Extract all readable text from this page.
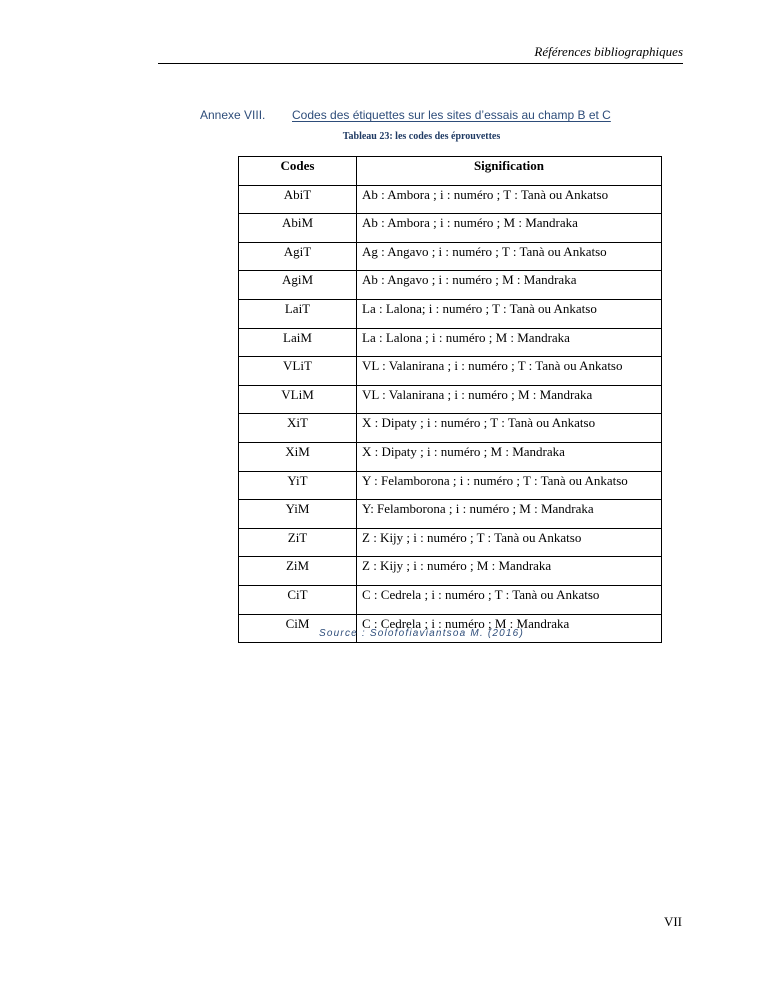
Références bibliographiques
Annexe VIII. Codes des étiquettes sur les sites d’essais au champ B et C
Tableau 23: les codes des éprouvettes
Codes	Signification
AbiT	Ab : Ambora ; i : numéro ; T : Tanà ou Ankatso
AbiM	Ab : Ambora ; i : numéro ; M : Mandraka
AgiT	Ag : Angavo ; i : numéro ; T : Tanà ou Ankatso
AgiM	Ab : Angavo ; i : numéro ; M : Mandraka
LaiT	La : Lalona; i : numéro ; T : Tanà ou Ankatso
LaiM	La : Lalona ; i : numéro ; M : Mandraka
VLiT	VL : Valanirana ; i : numéro ; T : Tanà ou Ankatso
VLiM	VL : Valanirana ; i : numéro ; M : Mandraka
XiT	X : Dipaty ; i : numéro ; T : Tanà ou Ankatso
XiM	X : Dipaty ; i : numéro ; M : Mandraka
YiT	Y : Felamborona ; i : numéro ; T : Tanà ou Ankatso
YiM	Y: Felamborona ; i : numéro ; M : Mandraka
ZiT	Z : Kijy ; i : numéro ; T : Tanà ou Ankatso
ZiM	Z : Kijy ; i : numéro ; M : Mandraka
CiT	C : Cedrela ; i : numéro ; T : Tanà ou Ankatso
CiM	C : Cedrela ; i : numéro ; M : Mandraka
Source : Solofofiaviantsoa M. (2016)
VII
